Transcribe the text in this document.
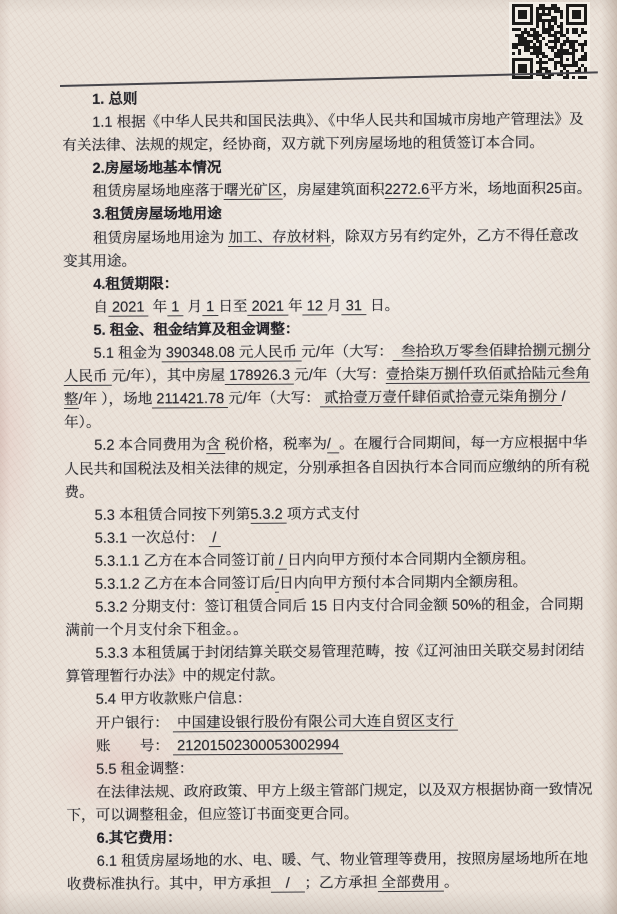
1. 总则

1.1 根据《中华人民共和国民法典》、《中华人民共和国城市房地产管理法》及有关法律、法规的规定，经协商，双方就下列房屋场地的租赁签订本合同。

2.房屋场地基本情况

租赁房屋场地座落于曙光矿区，房屋建筑面积2272.6平方米，场地面积25亩。

3.租赁房屋场地用途

租赁房屋场地用途为 加工、存放材料，除双方另有约定外，乙方不得任意改变其用途。

4.租赁期限：

自 2021  年 1  月 1 日至 2021 年 12 月 31  日。

5. 租金、租金结算及租金调整：

5.1 租金为 390348.08 元人民币 元/年（大写：  叁拾玖万零叁佰肆拾捌元捌分人民币 元/年），其中房屋 178926.3 元/年（大写：壹拾柒万捌仟玖佰贰拾陆元叁角整/年 ），场地 211421.78 元/年（大写： 贰拾壹万壹仟肆佰贰拾壹元柒角捌分 /年）。

5.2 本合同费用为含 税价格，税率为/  。在履行合同期间，每一方应根据中华人民共和国税法及相关法律的规定，分别承担各自因执行本合同而应缴纳的所有税费。

5.3 本租赁合同按下列第5.3.2 项方式支付

5.3.1 一次总付：  /

5.3.1.1 乙方在本合同签订前 / 日内向甲方预付本合同期内全额房租。

5.3.1.2 乙方在本合同签订后/日内向甲方预付本合同期内全额房租。

5.3.2 分期支付：签订租赁合同后 15 日内支付合同金额 50%的租金，合同期满前一个月支付余下租金。。

5.3.3 本租赁属于封闭结算关联交易管理范畴，按《辽河油田关联交易封闭结算管理暂行办法》中的规定付款。

5.4 甲方收款账户信息：

开户银行：  中国建设银行股份有限公司大连自贸区支行

账　　号：  21201502300053002994

5.5 租金调整：

在法律法规、政府政策、甲方上级主管部门规定，以及双方根据协商一致情况下，可以调整租金，但应签订书面变更合同。

6.其它费用：

6.1 租赁房屋场地的水、电、暖、气、物业管理等费用，按照房屋场地所在地收费标准执行。其中，甲方承担　/　；乙方承担 全部费用 。
